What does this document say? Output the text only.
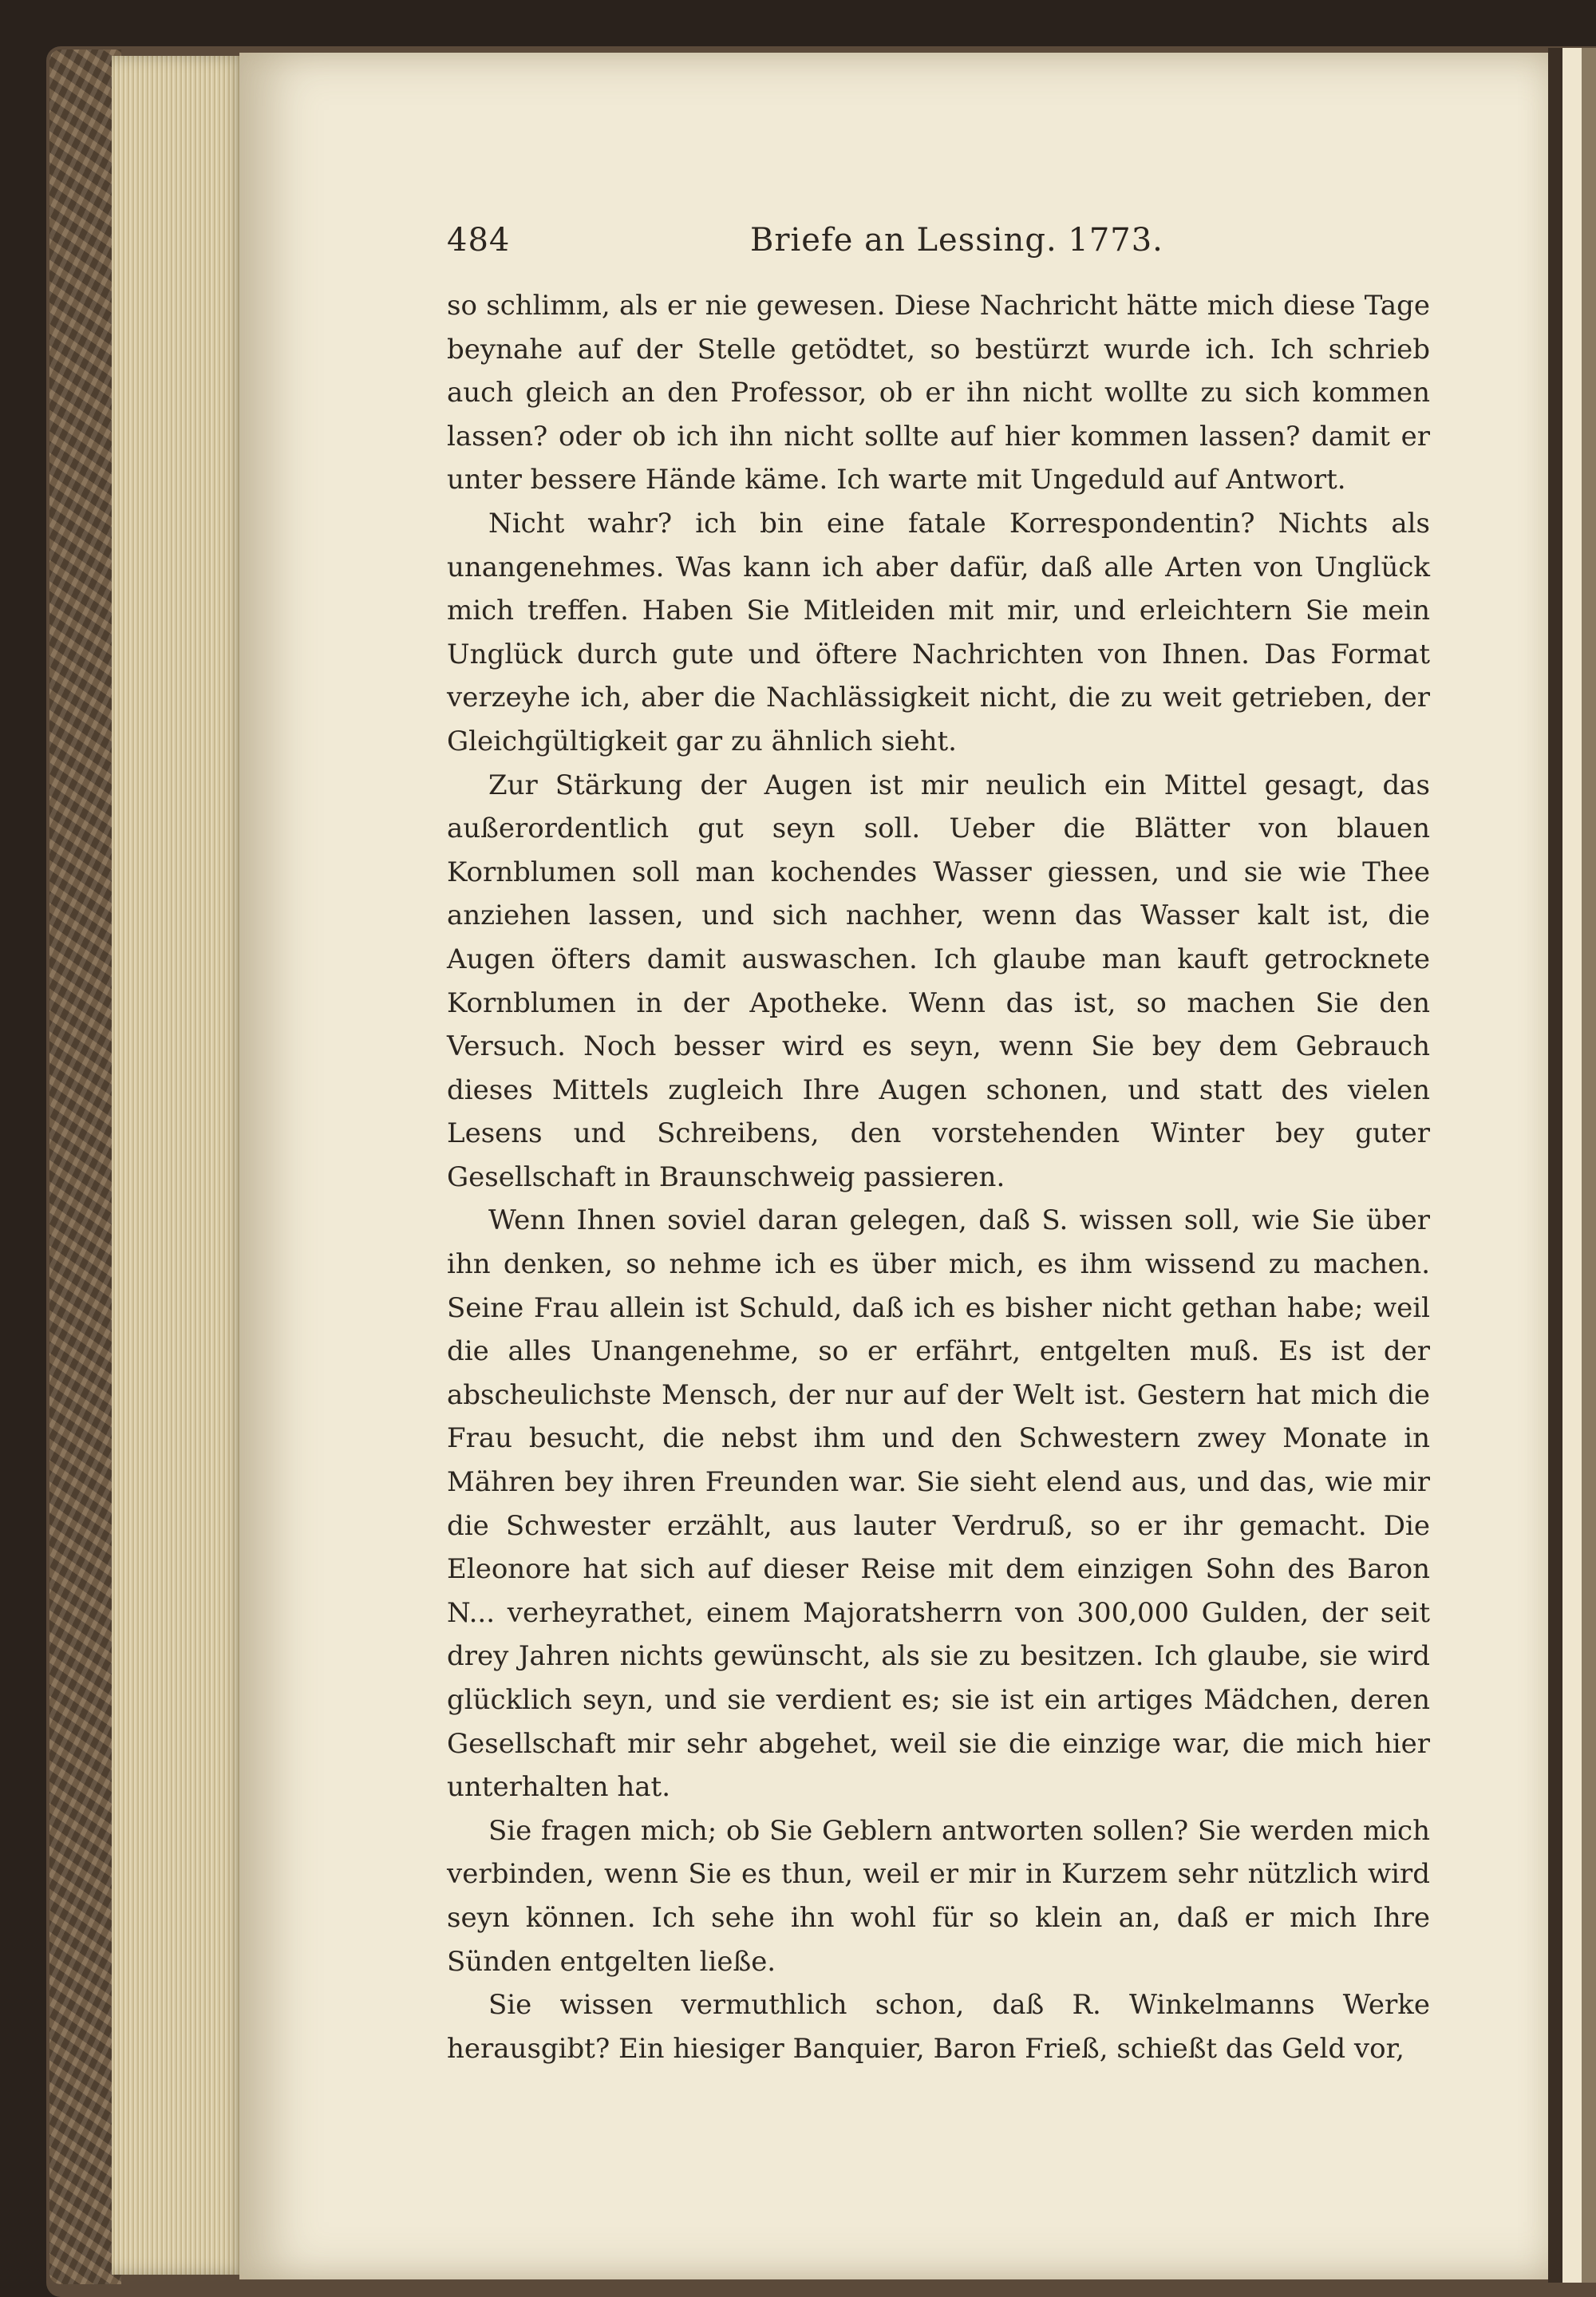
484	Briefe an Lessing. 1773.

so schlimm, als er nie gewesen. Diese Nachricht hätte mich diese Tage beynahe auf der Stelle getödtet, so bestürzt wurde ich. Ich schrieb auch gleich an den Professor, ob er ihn nicht wollte zu sich kommen lassen? oder ob ich ihn nicht sollte auf hier kommen lassen? damit er unter bessere Hände käme. Ich warte mit Ungeduld auf Antwort.

Nicht wahr? ich bin eine fatale Korrespondentin? Nichts als unangenehmes. Was kann ich aber dafür, daß alle Arten von Unglück mich treffen. Haben Sie Mitleiden mit mir, und erleichtern Sie mein Unglück durch gute und öftere Nachrichten von Ihnen. Das Format verzeyhe ich, aber die Nachlässigkeit nicht, die zu weit getrieben, der Gleichgültigkeit gar zu ähnlich sieht.

Zur Stärkung der Augen ist mir neulich ein Mittel gesagt, das außerordentlich gut seyn soll. Ueber die Blätter von blauen Kornblumen soll man kochendes Wasser giessen, und sie wie Thee anziehen lassen, und sich nachher, wenn das Wasser kalt ist, die Augen öfters damit auswaschen. Ich glaube man kauft getrocknete Kornblumen in der Apotheke. Wenn das ist, so machen Sie den Versuch. Noch besser wird es seyn, wenn Sie bey dem Gebrauch dieses Mittels zugleich Ihre Augen schonen, und statt des vielen Lesens und Schreibens, den vorstehenden Winter bey guter Gesellschaft in Braunschweig passieren.

Wenn Ihnen soviel daran gelegen, daß S. wissen soll, wie Sie über ihn denken, so nehme ich es über mich, es ihm wissend zu machen. Seine Frau allein ist Schuld, daß ich es bisher nicht gethan habe; weil die alles Unangenehme, so er erfährt, entgelten muß. Es ist der abscheulichste Mensch, der nur auf der Welt ist. Gestern hat mich die Frau besucht, die nebst ihm und den Schwestern zwey Monate in Mähren bey ihren Freunden war. Sie sieht elend aus, und das, wie mir die Schwester erzählt, aus lauter Verdruß, so er ihr gemacht. Die Eleonore hat sich auf dieser Reise mit dem einzigen Sohn des Baron N... verheyrathet, einem Majoratsherrn von 300,000 Gulden, der seit drey Jahren nichts gewünscht, als sie zu besitzen. Ich glaube, sie wird glücklich seyn, und sie verdient es; sie ist ein artiges Mädchen, deren Gesellschaft mir sehr abgehet, weil sie die einzige war, die mich hier unterhalten hat.

Sie fragen mich; ob Sie Geblern antworten sollen? Sie werden mich verbinden, wenn Sie es thun, weil er mir in Kurzem sehr nützlich wird seyn können. Ich sehe ihn wohl für so klein an, daß er mich Ihre Sünden entgelten ließe.

Sie wissen vermuthlich schon, daß R. Winkelmanns Werke herausgibt? Ein hiesiger Banquier, Baron Frieß, schießt das Geld vor,
